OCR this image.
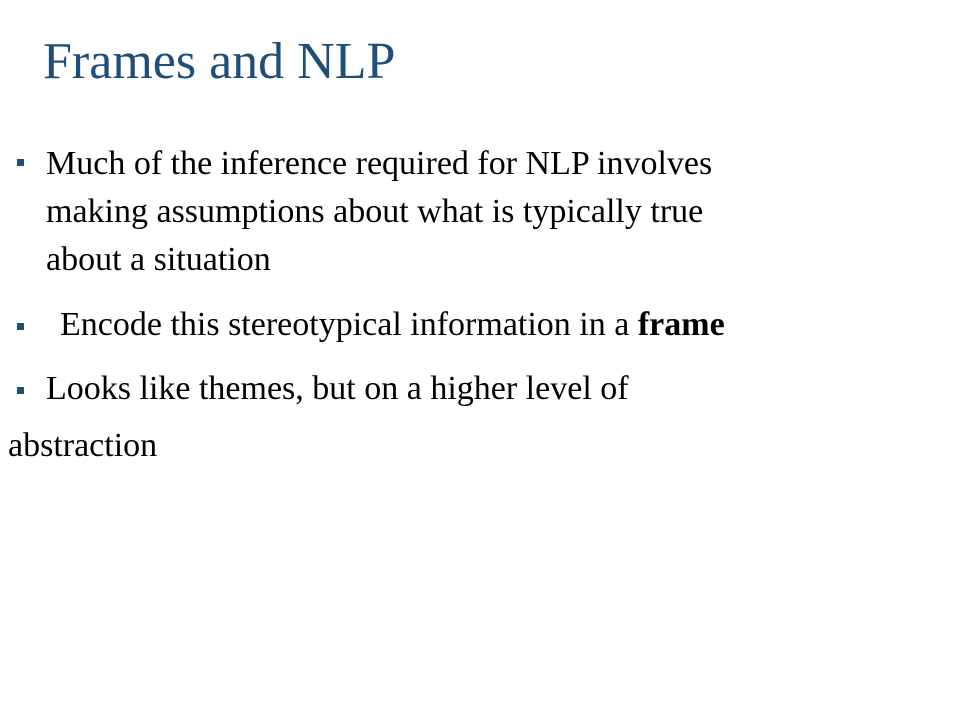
Frames and NLP

Much of the inference required for NLP involves
making assumptions about what is typically true
about a situation

Encode this stereotypical information in a frame

Looks like themes, but on a higher level of

abstraction
